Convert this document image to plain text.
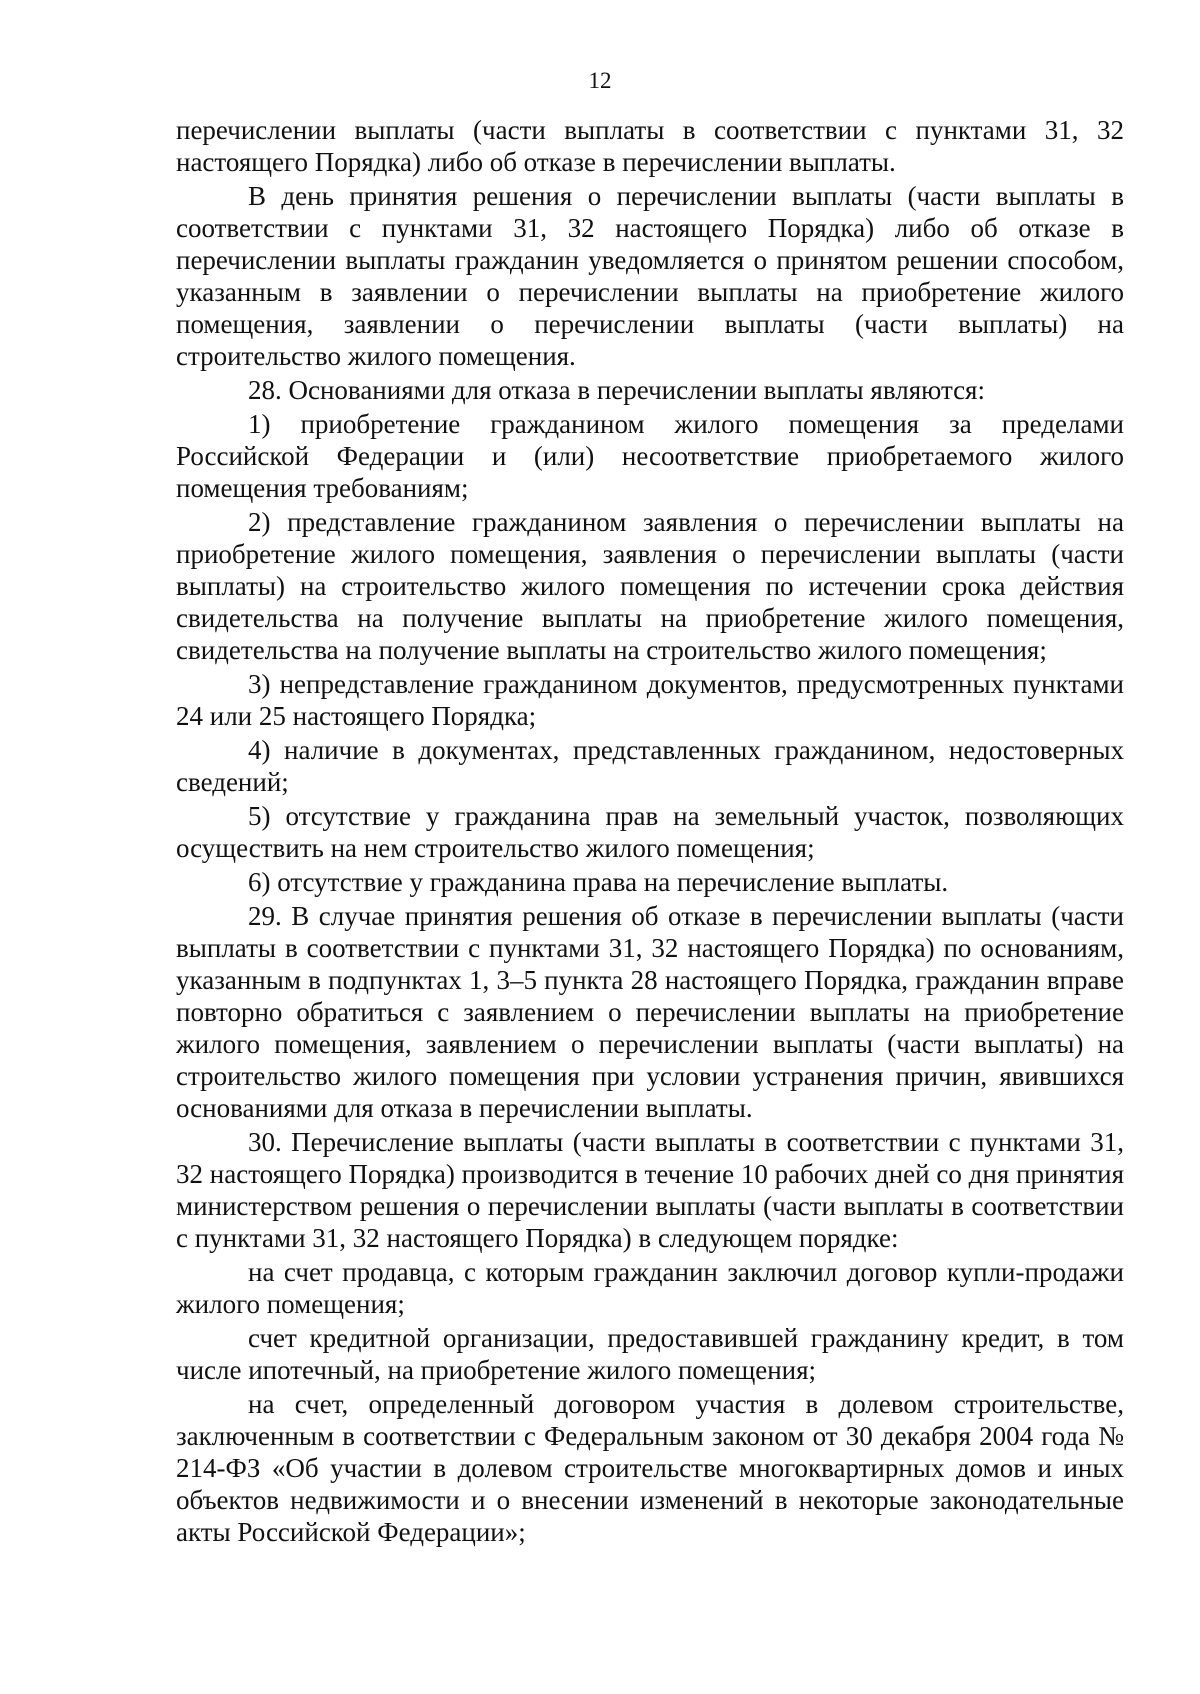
12

перечислении выплаты (части выплаты в соответствии с пунктами 31, 32 настоящего Порядка) либо об отказе в перечислении выплаты.

В день принятия решения о перечислении выплаты (части выплаты в соответствии с пунктами 31, 32 настоящего Порядка) либо об отказе в перечислении выплаты гражданин уведомляется о принятом решении способом, указанным в заявлении о перечислении выплаты на приобретение жилого помещения, заявлении о перечислении выплаты (части выплаты) на строительство жилого помещения.

28. Основаниями для отказа в перечислении выплаты являются:

1) приобретение гражданином жилого помещения за пределами Российской Федерации и (или) несоответствие приобретаемого жилого помещения требованиям;

2) представление гражданином заявления о перечислении выплаты на приобретение жилого помещения, заявления о перечислении выплаты (части выплаты) на строительство жилого помещения по истечении срока действия свидетельства на получение выплаты на приобретение жилого помещения, свидетельства на получение выплаты на строительство жилого помещения;

3) непредставление гражданином документов, предусмотренных пунктами 24 или 25 настоящего Порядка;

4) наличие в документах, представленных гражданином, недостоверных сведений;

5) отсутствие у гражданина прав на земельный участок, позволяющих осуществить на нем строительство жилого помещения;

6) отсутствие у гражданина права на перечисление выплаты.

29. В случае принятия решения об отказе в перечислении выплаты (части выплаты в соответствии с пунктами 31, 32 настоящего Порядка) по основаниям, указанным в подпунктах 1, 3–5 пункта 28 настоящего Порядка, гражданин вправе повторно обратиться с заявлением о перечислении выплаты на приобретение жилого помещения, заявлением о перечислении выплаты (части выплаты) на строительство жилого помещения при условии устранения причин, явившихся основаниями для отказа в перечислении выплаты.

30. Перечисление выплаты (части выплаты в соответствии с пунктами 31, 32 настоящего Порядка) производится в течение 10 рабочих дней со дня принятия министерством решения о перечислении выплаты (части выплаты в соответствии с пунктами 31, 32 настоящего Порядка) в следующем порядке:

на счет продавца, с которым гражданин заключил договор купли-продажи жилого помещения;

счет кредитной организации, предоставившей гражданину кредит, в том числе ипотечный, на приобретение жилого помещения;

на счет, определенный договором участия в долевом строительстве, заключенным в соответствии с Федеральным законом от 30 декабря 2004 года № 214-ФЗ «Об участии в долевом строительстве многоквартирных домов и иных объектов недвижимости и о внесении изменений в некоторые законодательные акты Российской Федерации»;
